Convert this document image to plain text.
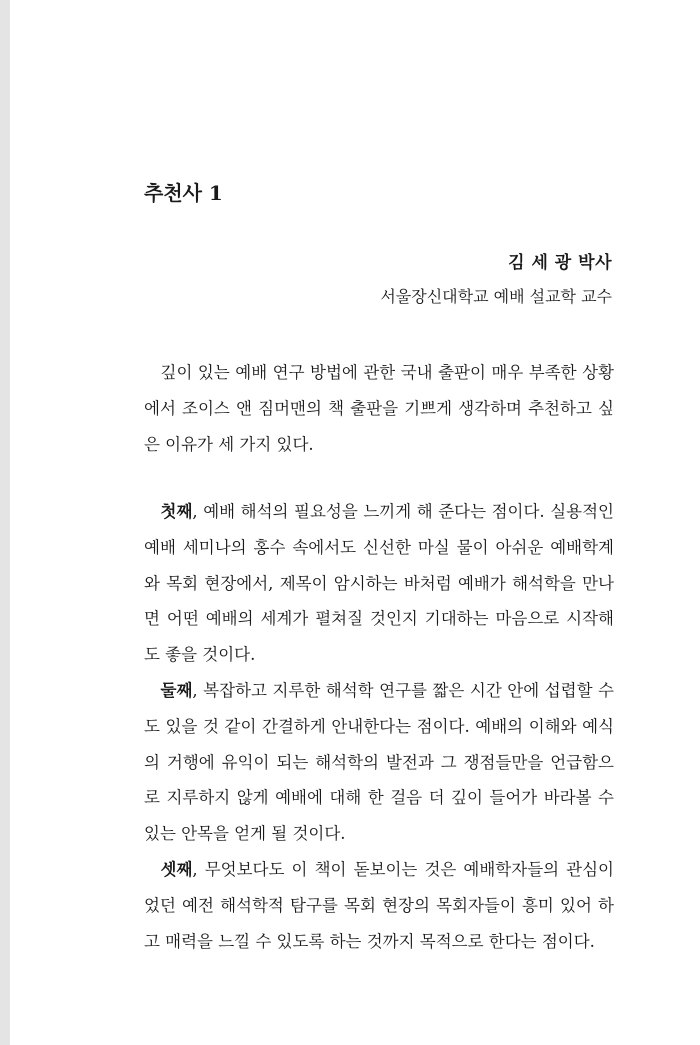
추천사 1
김 세 광 박사
서울장신대학교 예배 설교학 교수

깊이 있는 예배 연구 방법에 관한 국내 출판이 매우 부족한 상황에서 조이스 앤 짐머맨의 책 출판을 기쁘게 생각하며 추천하고 싶은 이유가 세 가지 있다.

첫째, 예배 해석의 필요성을 느끼게 해 준다는 점이다. 실용적인 예배 세미나의 홍수 속에서도 신선한 마실 물이 아쉬운 예배학계와 목회 현장에서, 제목이 암시하는 바처럼 예배가 해석학을 만나면 어떤 예배의 세계가 펼쳐질 것인지 기대하는 마음으로 시작해도 좋을 것이다.

둘째, 복잡하고 지루한 해석학 연구를 짧은 시간 안에 섭렵할 수도 있을 것 같이 간결하게 안내한다는 점이다. 예배의 이해와 예식의 거행에 유익이 되는 해석학의 발전과 그 쟁점들만을 언급함으로 지루하지 않게 예배에 대해 한 걸음 더 깊이 들어가 바라볼 수 있는 안목을 얻게 될 것이다.

셋째, 무엇보다도 이 책이 돋보이는 것은 예배학자들의 관심이었던 예전 해석학적 탐구를 목회 현장의 목회자들이 흥미 있어 하고 매력을 느낄 수 있도록 하는 것까지 목적으로 한다는 점이다.
